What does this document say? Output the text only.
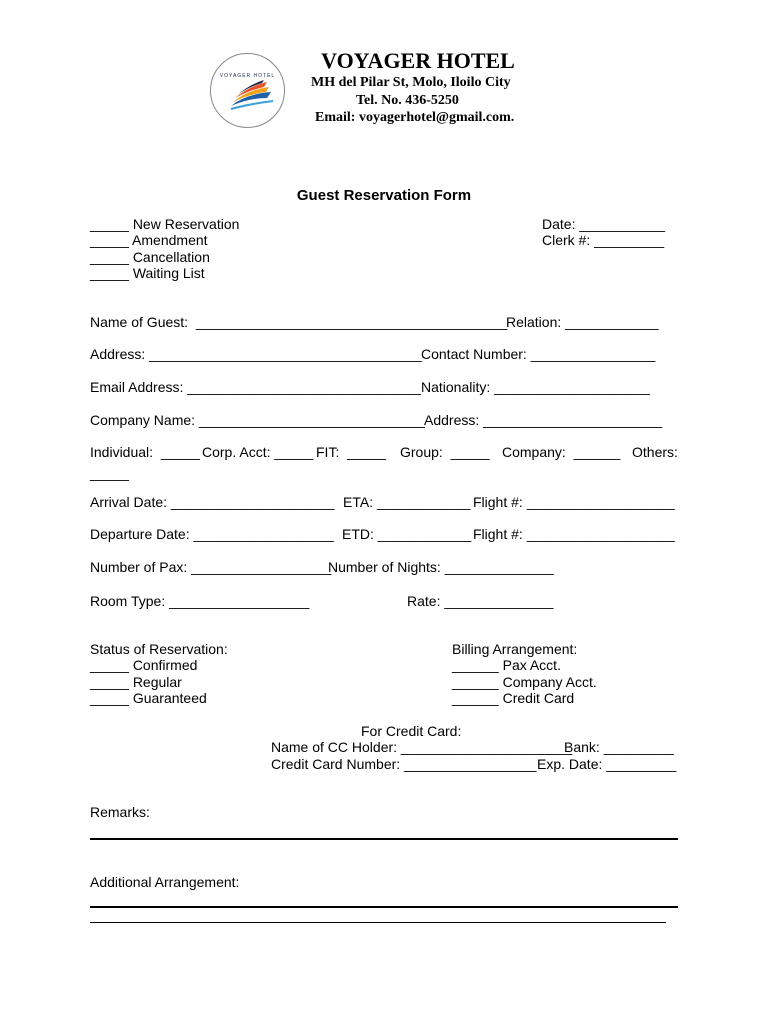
VOYAGER HOTEL
VOYAGER HOTEL
MH del Pilar St, Molo, Iloilo City
Tel. No. 436-5250
Email: voyagerhotel@gmail.com.
Guest Reservation Form
_____ New Reservation
_____ Amendment
_____ Cancellation
_____ Waiting List
Date: ___________
Clerk #: _________
Name of Guest:  ________________________________________
Relation: ____________
Address: ___________________________________ Contact Number: ________________
Email Address: ______________________________ Nationality: ____________________
Company Name: _____________________________ Address: _______________________
Individual:  _____ Corp. Acct: _____ FIT:  _____ Group:  _____ Company:  ______ Others:
_____
Arrival Date: _____________________ ETA: ____________ Flight #: ___________________
Departure Date: __________________ ETD: ____________ Flight #: ___________________
Number of Pax: __________________
Number of Nights: ______________
Room Type: __________________	Rate: ______________
Status of Reservation:
_____ Confirmed
_____ Regular
_____ Guaranteed
Billing Arrangement:
______ Pax Acct.
______ Company Acct.
______ Credit Card
For Credit Card:
Name of CC Holder: ______________________
Bank: _________
Credit Card Number: _________________ Exp. Date: _________
Remarks:
Additional Arrangement:
